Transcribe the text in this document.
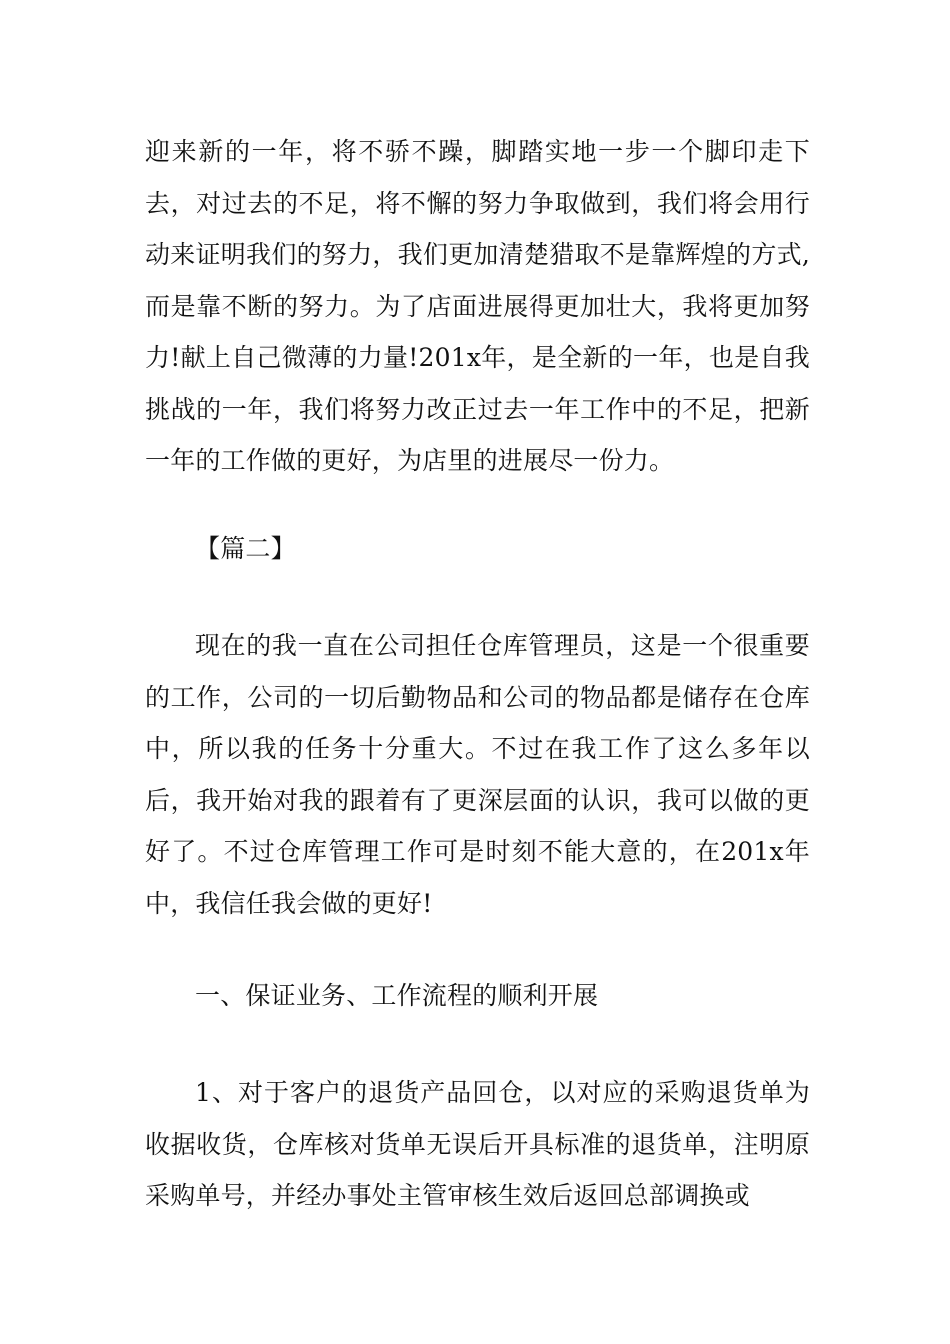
迎来新的一年，将不骄不躁，脚踏实地一步一个脚印走下去，对过去的不足，将不懈的努力争取做到，我们将会用行动来证明我们的努力，我们更加清楚猎取不是靠辉煌的方式,而是靠不断的努力。为了店面进展得更加壮大，我将更加努力!献上自己微薄的力量!201x年，是全新的一年，也是自我挑战的一年，我们将努力改正过去一年工作中的不足，把新一年的工作做的更好，为店里的进展尽一份力。

【篇二】

现在的我一直在公司担任仓库管理员，这是一个很重要的工作，公司的一切后勤物品和公司的物品都是储存在仓库中，所以我的任务十分重大。不过在我工作了这么多年以后，我开始对我的跟着有了更深层面的认识，我可以做的更好了。不过仓库管理工作可是时刻不能大意的，在201x年中，我信任我会做的更好!

一、保证业务、工作流程的顺利开展

1、对于客户的退货产品回仓，以对应的采购退货单为收据收货，仓库核对货单无误后开具标准的退货单，注明原采购单号，并经办事处主管审核生效后返回总部调换或
